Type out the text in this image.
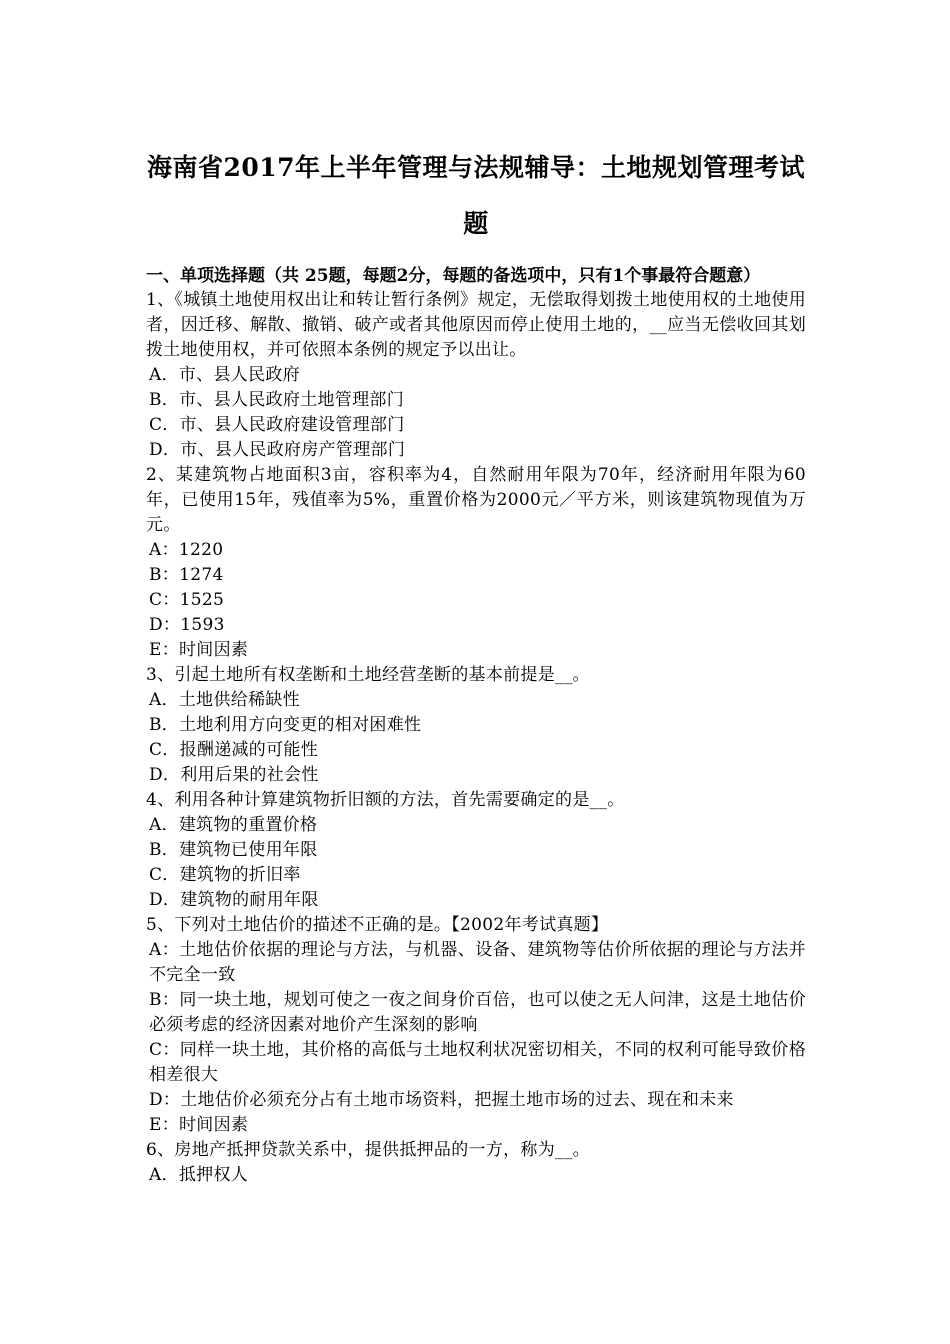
海南省2017年上半年管理与法规辅导：土地规划管理考试题
一、单项选择题（共 25题，每题2分，每题的备选项中，只有1个事最符合题意）

1、《城镇土地使用权出让和转让暂行条例》规定，无偿取得划拨土地使用权的土地使用者，因迁移、解散、撤销、破产或者其他原因而停止使用土地的，__应当无偿收回其划拨土地使用权，并可依照本条例的规定予以出让。

A．市、县人民政府

B．市、县人民政府土地管理部门

C．市、县人民政府建设管理部门

D．市、县人民政府房产管理部门

2、某建筑物占地面积3亩，容积率为4，自然耐用年限为70年，经济耐用年限为60年，已使用15年，残值率为5%，重置价格为2000元／平方米，则该建筑物现值为万元。

A：1220

B：1274

C：1525

D：1593

E：时间因素

3、引起土地所有权垄断和土地经营垄断的基本前提是__。

A．土地供给稀缺性

B．土地利用方向变更的相对困难性

C．报酬递减的可能性

D．利用后果的社会性

4、利用各种计算建筑物折旧额的方法，首先需要确定的是__。

A．建筑物的重置价格

B．建筑物已使用年限

C．建筑物的折旧率

D．建筑物的耐用年限

5、下列对土地估价的描述不正确的是。【2002年考试真题】

A：土地估价依据的理论与方法，与机器、设备、建筑物等估价所依据的理论与方法并不完全一致

B：同一块土地，规划可使之一夜之间身价百倍，也可以使之无人问津，这是土地估价必须考虑的经济因素对地价产生深刻的影响

C：同样一块土地，其价格的高低与土地权利状况密切相关，不同的权利可能导致价格相差很大

D：土地估价必须充分占有土地市场资料，把握土地市场的过去、现在和未来

E：时间因素

6、房地产抵押贷款关系中，提供抵押品的一方，称为__。

A．抵押权人
